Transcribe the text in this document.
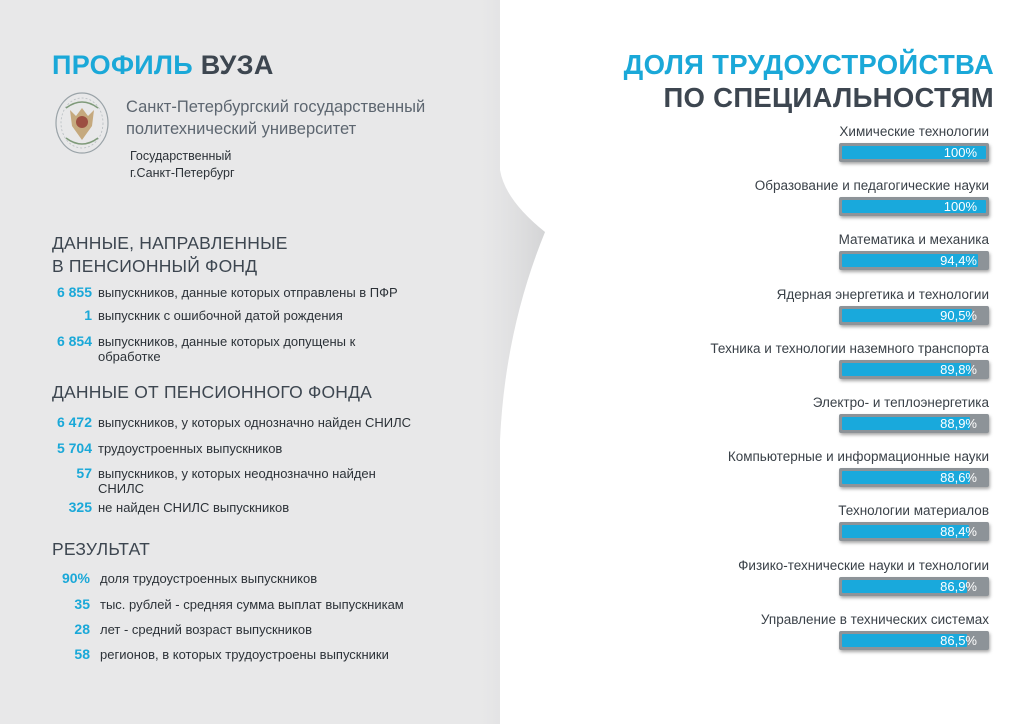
ПРОФИЛЬ ВУЗА

Санкт-Петербургский государственный политехнический университет

Государственный
г.Санкт-Петербург

ДАННЫЕ, НАПРАВЛЕННЫЕ
В ПЕНСИОННЫЙ ФОНД
6 855 выпускников, данные которых отправлены в ПФР
1 выпускник с ошибочной датой рождения
6 854 выпускников, данные которых допущены к обработке
ДАННЫЕ ОТ ПЕНСИОННОГО ФОНДА
6 472 выпускников, у которых однозначно найден СНИЛС
5 704 трудоустроенных выпускников
57 выпускников, у которых неоднозначно найден СНИЛС
325 не найден СНИЛС выпускников
РЕЗУЛЬТАТ
90% доля трудоустроенных выпускников
35 тыс. рублей - средняя сумма выплат выпускникам
28 лет - средний возраст выпускников
58 регионов, в которых трудоустроены выпускники
ДОЛЯ ТРУДОУСТРОЙСТВА
ПО СПЕЦИАЛЬНОСТЯМ
Химические технологии
100%
Образование и педагогические науки
100%
Математика и механика
94,4%
Ядерная энергетика и технологии
90,5%
Техника и технологии наземного транспорта
89,8%
Электро- и теплоэнергетика
88,9%
Компьютерные и информационные науки
88,6%
Технологии материалов
88,4%
Физико-технические науки и технологии
86,9%
Управление в технических системах
86,5%
